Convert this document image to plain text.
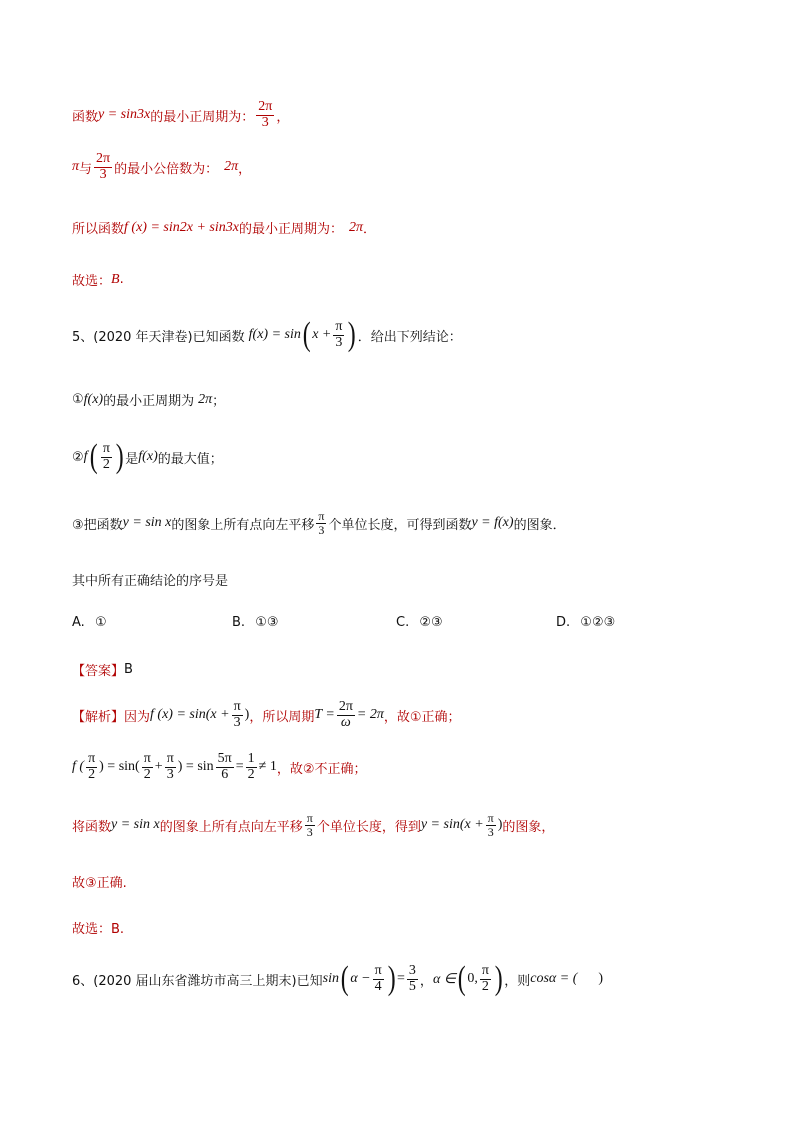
函数 y = sin3x 的最小正周期为： $\frac{2\pi}{3}$ ，
π 与 $\frac{2\pi}{3}$ 的最小公倍数为： 2π ，
所以函数 f (x) = sin2x + sin3x 的最小正周期为： 2π ．
故选： B .
5、(2020 年天津卷)已知函数 f(x) = sin ( $x + \frac{\pi}{3}$ ) ．给出下列结论：
① f(x) 的最小正周期为 2π ；
② f ( $\frac{\pi}{2}$ ) 是 f(x) 的最大值；
③把函数 y = sin x 的图象上所有点向左平移 $\frac{\pi}{3}$ 个单位长度，可得到函数 y = f(x) 的图象．
其中所有正确结论的序号是
A. ①	B. ①③	C. ②③	D. ①②③
【答案】 B
【解析】 因为 f $(x) = \sin(x + \frac{\pi}{3}$ ) ，所以周期 $T = \frac{2\pi}{\omega} = 2\pi$ ，故①正确；
f ( $\frac{\pi}{2}$ ) = $\sin( \frac{\pi}{2} + \frac{\pi}{3}$ ) = $\sin \frac{5\pi}{6} = \frac{1}{2} \ne 1$ ，故②不正确；
将函数 y = sin x 的图象上所有点向左平移 $\frac{\pi}{3}$ 个单位长度，得到 $y = \sin(x + \frac{\pi}{3}$ ) 的图象，
故③正确.
故选：B.
6、(2020 届山东省潍坊市高三上期末)已知 sin ( $\alpha - \frac{\pi}{4}$ ) = $\frac{3}{5}$ ， α ∈ ( 0, $\frac{\pi}{2}$ ) ，则 cosα = ( )
